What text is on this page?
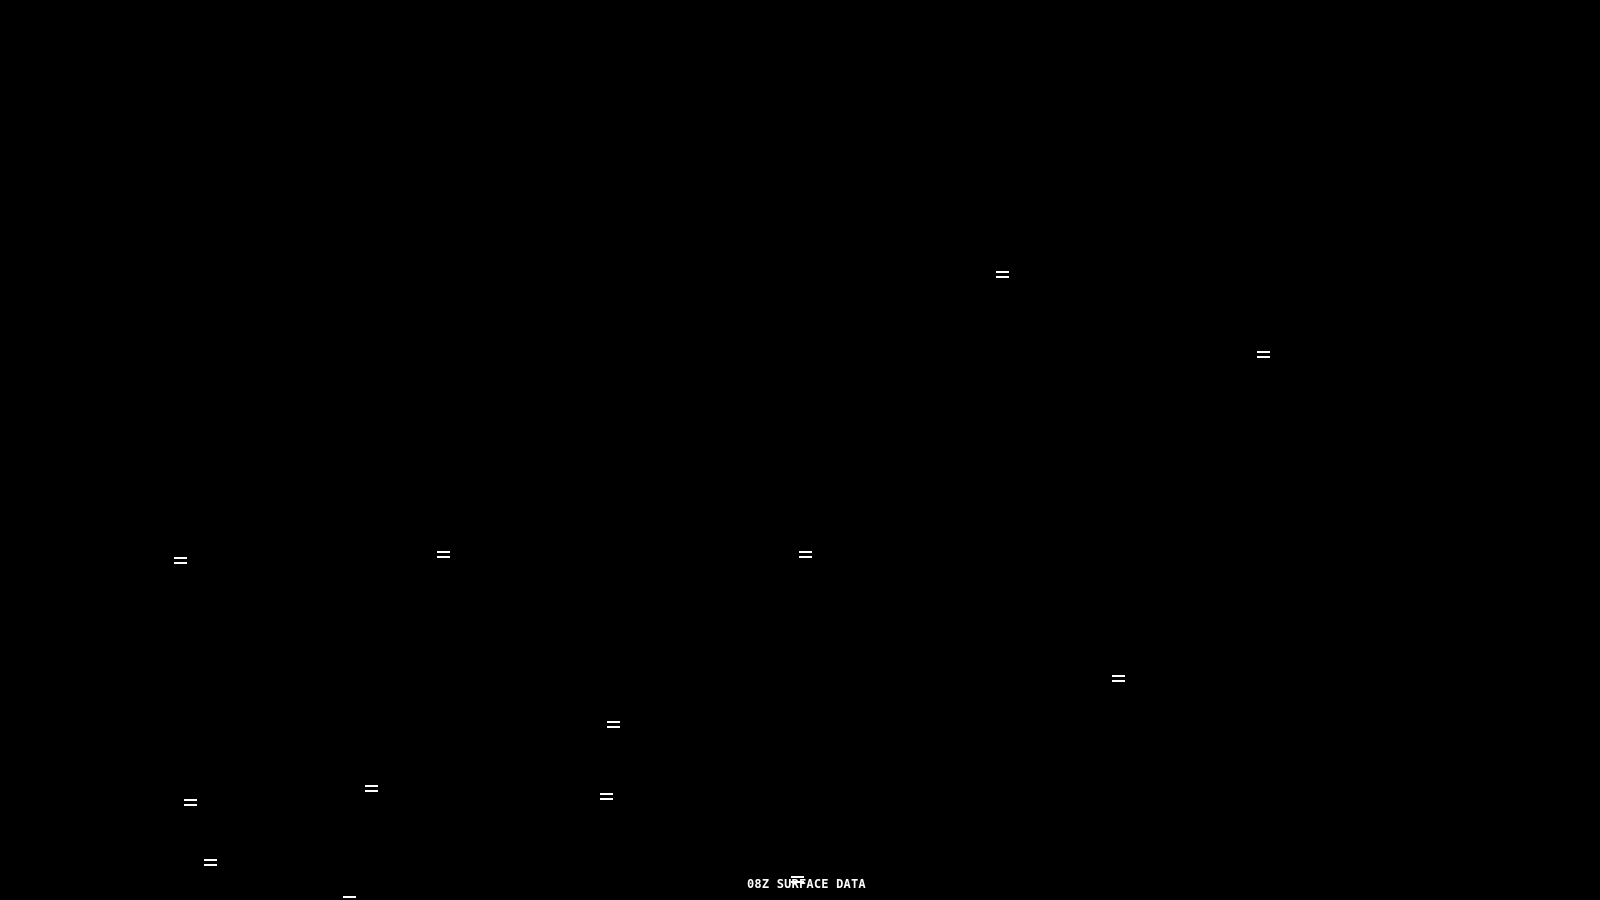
08Z SURFACE DATA
